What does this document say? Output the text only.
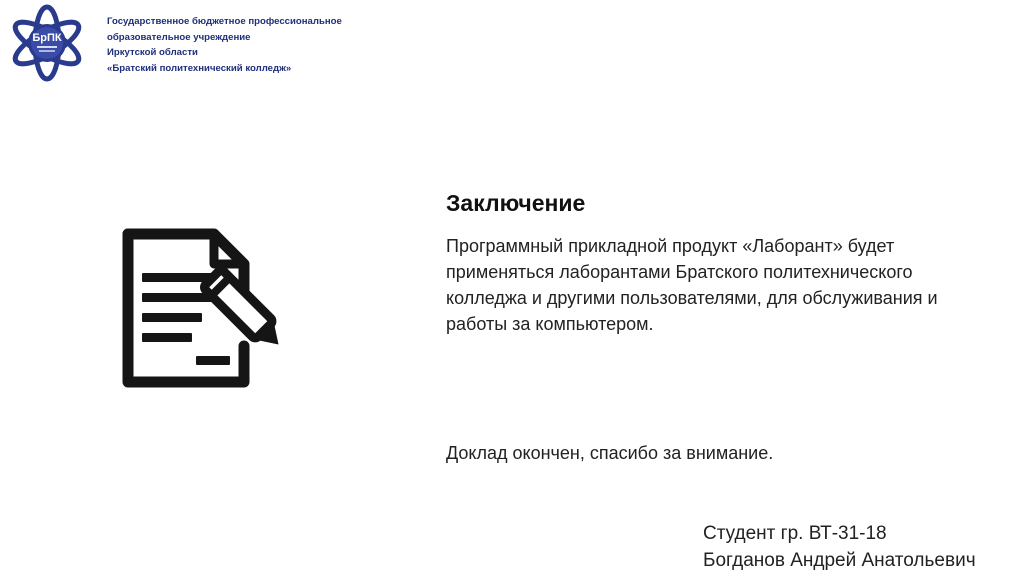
БрПК
Государственное бюджетное профессиональное
образовательное учреждение
Иркутской области
«Братский политехнический колледж»
Заключение
Программный прикладной продукт «Лаборант» будет
применяться лаборантами Братского политехнического
колледжа и другими пользователями, для обслуживания и
работы за компьютером.
Доклад окончен, спасибо за внимание.
Студент гр. ВТ-31-18
Богданов Андрей Анатольевич
